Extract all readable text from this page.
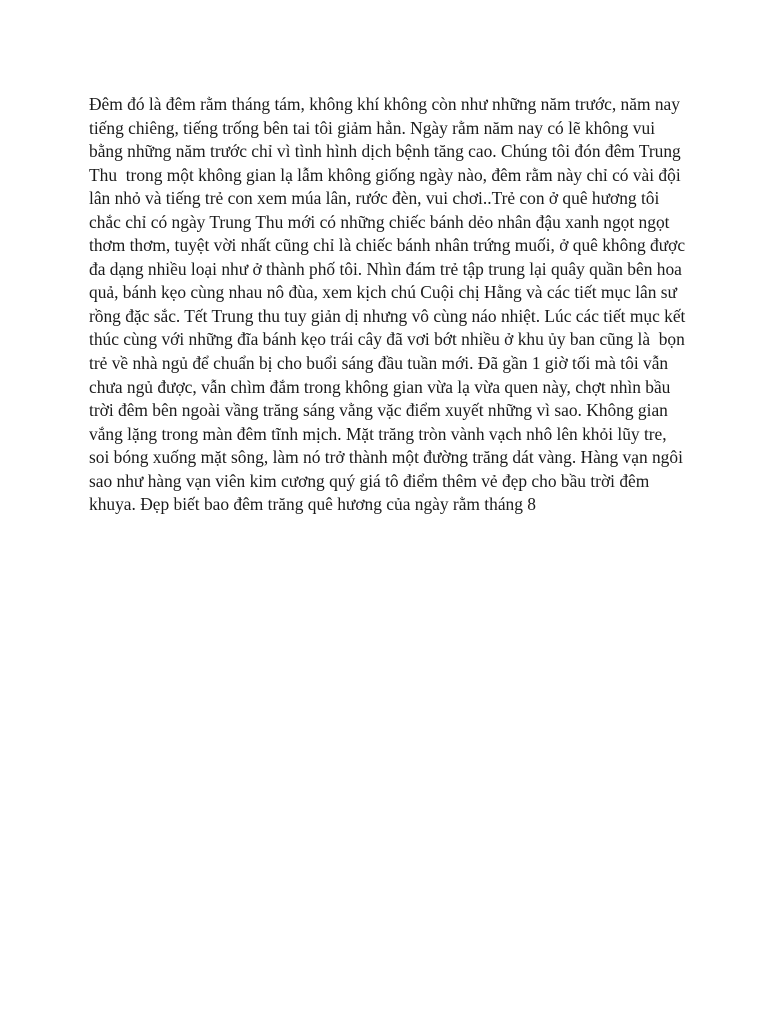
Đêm đó là đêm rằm tháng tám, không khí không còn như những năm trước, năm nay tiếng chiêng, tiếng trống bên tai tôi giảm hẳn. Ngày rằm năm nay có lẽ không vui bằng những năm trước chỉ vì tình hình dịch bệnh tăng cao. Chúng tôi đón đêm Trung Thu  trong một không gian lạ lẫm không giống ngày nào, đêm rằm này chỉ có vài đội lân nhỏ và tiếng trẻ con xem múa lân, rước đèn, vui chơi..Trẻ con ở quê hương tôi chắc chỉ có ngày Trung Thu mới có những chiếc bánh dẻo nhân đậu xanh ngọt ngọt thơm thơm, tuyệt vời nhất cũng chỉ là chiếc bánh nhân trứng muối, ở quê không được đa dạng nhiều loại như ở thành phố tôi. Nhìn đám trẻ tập trung lại quây quần bên hoa quả, bánh kẹo cùng nhau nô đùa, xem kịch chú Cuội chị Hằng và các tiết mục lân sư rồng đặc sắc. Tết Trung thu tuy giản dị nhưng vô cùng náo nhiệt. Lúc các tiết mục kết thúc cùng với những đĩa bánh kẹo trái cây đã vơi bớt nhiều ở khu ủy ban cũng là  bọn trẻ về nhà ngủ để chuẩn bị cho buổi sáng đầu tuần mới. Đã gần 1 giờ tối mà tôi vẫn chưa ngủ được, vẫn chìm đắm trong không gian vừa lạ vừa quen này, chợt nhìn bầu trời đêm bên ngoài vầng trăng sáng vằng vặc điểm xuyết những vì sao. Không gian vắng lặng trong màn đêm tĩnh mịch. Mặt trăng tròn vành vạch nhô lên khỏi lũy tre, soi bóng xuống mặt sông, làm nó trở thành một đường trăng dát vàng. Hàng vạn ngôi sao như hàng vạn viên kim cương quý giá tô điểm thêm vẻ đẹp cho bầu trời đêm khuya. Đẹp biết bao đêm trăng quê hương của ngày rằm tháng 8
